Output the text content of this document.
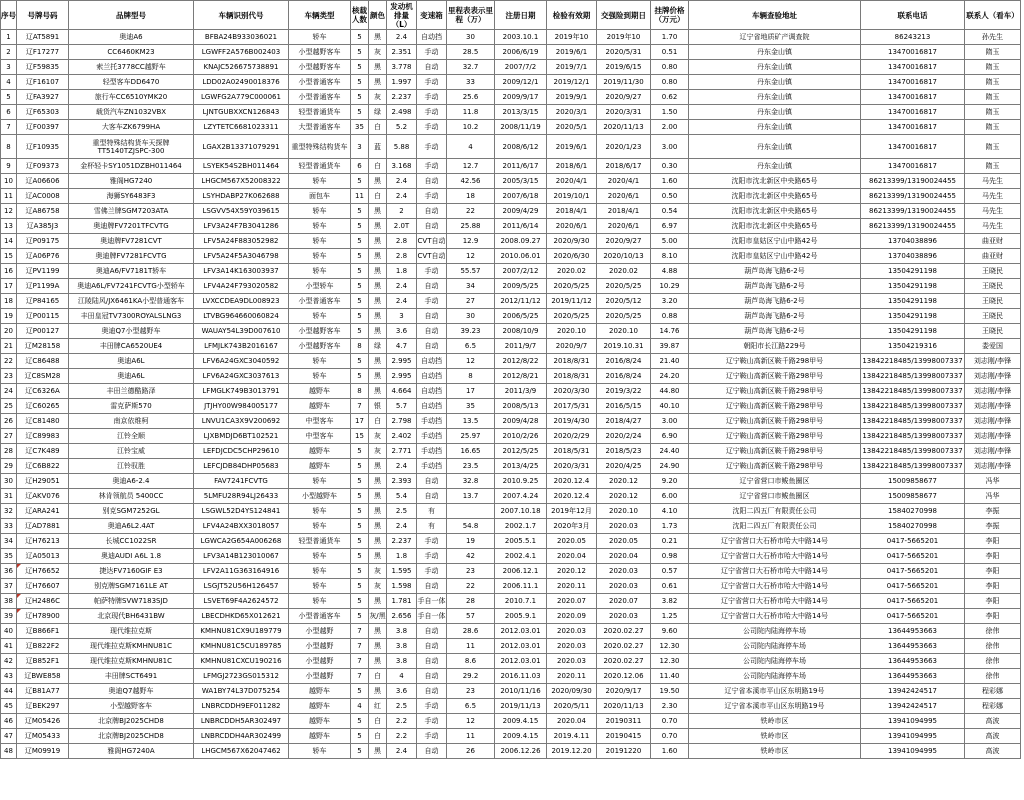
序号	号牌号码	品牌型号	车辆识别代号	车辆类型	核载人数	颜色	发动机排量（L）	变速箱	里程表表示里程（万）	注册日期	检验有效期	交强险到期日	挂牌价格（万元）	车辆查验地址	联系电话	联系人（看车）
1	辽AT5891	奥迪A6	BFBA24B933036021	轿车	5	黑	2.4	自动挡	30	2003.10.1	2019年10	2019年10	1.70	辽宁省地质矿产调查院	86243213	孙先生
2	辽F17277	CC6460KM23	LGWFF2A576B002403	小型越野客车	5	灰	2.351	手动	28.5	2006/6/19	2019/6/1	2020/5/31	0.51	丹东金山镇	13470016817	隋玉
3	辽F59835	索兰托3778CC越野车	KNAJC526675738891	小型越野客车	5	黑	3.778	自动	32.7	2007/7/2	2019/7/1	2019/6/15	0.80	丹东金山镇	13470016817	隋玉
4	辽F16107	轻型客车DD6470	LDD02A02490018376	小型普通客车	5	黑	1.997	手动	33	2009/12/1	2019/12/1	2019/11/30	0.80	丹东金山镇	13470016817	隋玉
5	辽FA3927	旅行车CC6510YMK20	LGWFG2A779C000061	小型普通客车	5	灰	2.237	手动	25.6	2009/9/17	2019/9/1	2020/9/27	0.62	丹东金山镇	13470016817	隋玉
6	辽F65303	载货汽车ZN1032VBX	LJNTGUBXXCN126843	轻型普通货车	5	绿	2.498	手动	11.8	2013/3/15	2020/3/1	2020/3/31	1.50	丹东金山镇	13470016817	隋玉
7	辽F00397	大客车ZK6799HA	LZYTETC6681023311	大型普通客车	35	白	5.2	手动	10.2	2008/11/19	2020/5/1	2020/11/13	2.00	丹东金山镇	13470016817	隋玉
8	辽F10935	重型特殊结构货车天探牌TT5140TZJSPC-300	LGAX2B13371079291	重型特殊结构货车	3	蓝	5.88	手动	4	2008/6/12	2019/6/1	2020/1/23	3.00	丹东金山镇	13470016817	隋玉
9	辽F09373	金杯轻卡SY1051DZBH011464	LSYEK54S2BH011464	轻型普通货车	6	白	3.168	手动	12.7	2011/6/17	2018/6/1	2018/6/17	0.30	丹东金山镇	13470016817	隋玉
10	辽A06606	雅阁HG7240	LHGCM567X52008322	轿车	5	黑	2.4	自动	42.56	2005/3/15	2020/4/1	2020/4/1	1.60	沈阳市沈北新区中央路65号	86213399/13190024455	马先生
11	辽AC0008	海狮SY6483F3	LSYHDABP27K062688	面包车	11	白	2.4	手动	18	2007/6/18	2019/10/1	2020/6/1	0.50	沈阳市沈北新区中央路65号	86213399/13190024455	马先生
12	辽A86758	雪佛兰牌SGM7203ATA	LSGVV54X59Y039615	轿车	5	黑	2	自动	22	2009/4/29	2018/4/1	2018/4/1	0.54	沈阳市沈北新区中央路65号	86213399/13190024455	马先生
13	辽A385J3	奥迪牌FV7201TFCVTG	LFV3A24F7B3041286	轿车	5	黑	2.0T	自动	25.88	2011/6/14	2020/6/1	2020/6/1	6.97	沈阳市沈北新区中央路65号	86213399/13190024455	马先生
14	辽P09175	奥迪牌FV7281CVT	LFV5A24F883052982	轿车	5	黑	2.8	CVT自动	12.9	2008.09.27	2020/9/30	2020/9/27	5.00	沈阳市皇姑区宁山中路42号	13704038896	曲亚财
15	辽A06P76	奥迪牌FV7281FCVTG	LFV5A24F5A3046798	轿车	5	黑	2.8	CVT自动	12	2010.06.01	2020/6/30	2020/10/13	8.10	沈阳市皇姑区宁山中路42号	13704038896	曲亚财
16	辽PV1199	奥迪A6/FV7181T轿车	LFV3A14K163003937	轿车	5	黑	1.8	手动	55.57	2007/2/12	2020.02	2020.02	4.88	葫芦岛海飞路6-2号	13504291198	王晓民
17	辽P1199A	奥迪A6L/FV7241FCVTG小型轿车	LFV4A24F793020582	小型轿车	5	黑	2.4	自动	34	2009/5/25	2020/5/25	2020/5/25	10.29	葫芦岛海飞路6-2号	13504291198	王晓民
18	辽P84165	江陵陆风/JX6461KA小型普通客车	LVXCCDEA9DL008923	小型普通客车	5	黑	2.4	手动	27	2012/11/12	2019/11/12	2020/5/12	3.20	葫芦岛海飞路6-2号	13504291198	王晓民
19	辽P00115	丰田皇冠TV7300ROYALSLNG3	LTVBG964660060824	轿车	5	黑	3	自动	30	2006/5/25	2020/5/25	2020/5/25	0.88	葫芦岛海飞路6-2号	13504291198	王晓民
20	辽P00127	奥迪Q7小型越野车	WAUAY54L39D007610	小型越野客车	5	黑	3.6	自动	39.23	2008/10/9	2020.10	2020.10	14.76	葫芦岛海飞路6-2号	13504291198	王晓民
21	辽M28158	丰田牌CA6520UE4	LFMJLK743B2016167	小型越野客车	8	绿	4.7	自动	6.5	2011/9/7	2020/9/7	2019.10.31	39.87	朝阳市长江路229号	13504219316	娄爱国
22	辽C86488	奥迪A6L	LFV6A24GXC3040592	轿车	5	黑	2.995	自动挡	12	2012/8/22	2018/8/31	2016/8/24	21.40	辽宁鞍山高新区鞍千路298甲号	13842218485/13998007337	刘志刚/李锋
23	辽C8SM28	奥迪A6L	LFV6A24GXC3037613	轿车	5	黑	2.995	自动挡	8	2012/8/21	2018/8/31	2016/8/24	24.20	辽宁鞍山高新区鞍千路298甲号	13842218485/13998007337	刘志刚/李锋
24	辽C6326A	丰田兰德酷路泽	LFMGLK749B3013791	越野车	8	黑	4.664	自动挡	17	2011/3/9	2020/3/30	2019/3/22	44.80	辽宁鞍山高新区鞍千路298甲号	13842218485/13998007337	刘志刚/李锋
25	辽C60265	雷克萨斯570	JTJHY00W984005177	越野车	7	银	5.7	自动挡	35	2008/5/13	2017/5/31	2016/5/15	40.10	辽宁鞍山高新区鞍千路298甲号	13842218485/13998007337	刘志刚/李锋
26	辽C81480	南京依维柯	LNVU1CA3X9V200692	中型客车	17	白	2.798	手动挡	13.5	2009/4/28	2019/4/30	2018/4/27	3.00	辽宁鞍山高新区鞍千路298甲号	13842218485/13998007337	刘志刚/李锋
27	辽C89983	江铃全顺	LJXBMDJD6BT102521	中型客车	15	灰	2.402	手动挡	25.97	2010/2/26	2020/2/29	2020/2/24	6.90	辽宁鞍山高新区鞍千路298甲号	13842218485/13998007337	刘志刚/李锋
28	辽C7K489	江铃宝威	LEFDJCDC5CHP29610	越野车	5	灰	2.771	手动挡	16.65	2012/5/25	2018/5/31	2018/5/23	24.40	辽宁鞍山高新区鞍千路298甲号	13842218485/13998007337	刘志刚/李锋
29	辽C6B822	江铃驭胜	LEFCJDB84DHP05683	越野车	5	黑	2.4	手动挡	23.5	2013/4/25	2020/3/31	2020/4/25	24.90	辽宁鞍山高新区鞍千路298甲号	13842218485/13998007337	刘志刚/李锋
30	辽H29051	奥迪A6-2.4	FAV7241FCVTG	轿车	5	黑	2.393	自动	32.8	2010.9.25	2020.12.4	2020.12	9.20	辽宁省营口市鲅鱼圈区	15009858677	冯华
31	辽AKV076	林肯领航员 5400CC	5LMFU28R94LJ26433	小型越野车	5	黑	5.4	自动	13.7	2007.4.24	2020.12.4	2020.12	6.00	辽宁省营口市鲅鱼圈区	15009858677	冯华
32	辽ARA241	别克SGM7252GL	LSGWL52D4YS124841	轿车	5	黑	2.5	有		2007.10.18	2019年12月	2020.10	4.10	沈阳二四五厂有限责任公司	15840270998	李振
33	辽AD7881	奥迪A6L2.4AT	LFV4A24BXX3018057	轿车	5	黑	2.4	有	54.8	2002.1.7	2020年3月	2020.03	1.73	沈阳二四五厂有限责任公司	15840270998	李振
34	辽H76213	长城CC1022SR	LGWCA2G654A006268	轻型普通货车	5	黑	2.237	手动	19	2005.5.1	2020.05	2020.05	0.21	辽宁省营口大石桥市哈大中路14号	0417-5665201	李阳
35	辽A05013	奥迪AUDI A6L 1.8	LFV3A14B123010067	轿车	5	黑	1.8	手动	42	2002.4.1	2020.04	2020.04	0.98	辽宁省营口大石桥市哈大中路14号	0417-5665201	李阳
36	辽H76652	捷达FV7160GIF E3	LFV2A11G363164916	轿车	5	灰	1.595	手动	23	2006.12.1	2020.12	2020.03	0.57	辽宁省营口大石桥市哈大中路14号	0417-5665201	李阳
37	辽H76607	别克牌SGM7161LE AT	LSGJT52U56H126457	轿车	5	灰	1.598	自动	22	2006.11.1	2020.11	2020.03	0.61	辽宁省营口大石桥市哈大中路14号	0417-5665201	李阳
38	辽H2486C	帕萨特牌SVW7183SJD	LSVET69F4A2624572	轿车	5	黑	1.781	手自一体	28	2010.7.1	2020.07	2020.07	3.82	辽宁省营口大石桥市哈大中路14号	0417-5665201	李阳
39	辽H78900	北京现代BH6431BW	LBECDHKD65X012621	小型普通客车	5	灰/黑	2.656	手自一体	57	2005.9.1	2020.09	2020.03	1.25	辽宁省营口大石桥市哈大中路14号	0417-5665201	李阳
40	辽B866F1	现代维拉克斯	KMHNU81CX9U189779	小型越野	7	黑	3.8	自动	28.6	2012.03.01	2020.03	2020.02.27	9.60	公司院内陆海停车场	13644953663	徐伟
41	辽B822F2	现代维拉克斯KMHNU81C	KMHNU81C5CU189785	小型越野	7	黑	3.8	自动	11	2012.03.01	2020.03	2020.02.27	12.30	公司院内陆海停车场	13644953663	徐伟
42	辽B852F1	现代维拉克斯KMHNU81C	KMHNU81CXCU190216	小型越野	7	黑	3.8	自动	8.6	2012.03.01	2020.03	2020.02.27	12.30	公司院内陆海停车场	13644953663	徐伟
43	辽BWE858	丰田牌SCT6491	LFMGJ2723GS015312	小型越野	7	白	4	自动	29.2	2016.11.03	2020.11	2020.12.06	11.40	公司院内陆海停车场	13644953663	徐伟
44	辽B81A77	奥迪Q7越野车	WA1BY74L37D075254	越野车	5	黑	3.6	自动	23	2010/11/16	2020/09/30	2020/9/17	19.50	辽宁省本溪市平山区东明路19号	13942424517	程彩娜
45	辽BEK297	小型越野客车	LNBRCDDH9EF011282	越野车	4	红	2.5	手动	6.5	2019/11/13	2020/5/11	2020/11/13	2.30	辽宁省本溪市平山区东明路19号	13942424517	程彩娜
46	辽M05426	北京牌BJ2025CHD8	LNBRCDDH5AR302497	越野车	5	白	2.2	手动	12	2009.4.15	2020.04	20190311	0.70	铁岭市区	13941094995	高波
47	辽M05433	北京牌BJ2025CHD8	LNBRCDDH4AR302499	越野车	5	白	2.2	手动	11	2009.4.15	2019.4.11	20190415	0.70	铁岭市区	13941094995	高波
48	辽M09919	雅阁HG7240A	LHGCM567X62047462	轿车	5	黑	2.4	自动	26	2006.12.26	2019.12.20	20191220	1.60	铁岭市区	13941094995	高波
